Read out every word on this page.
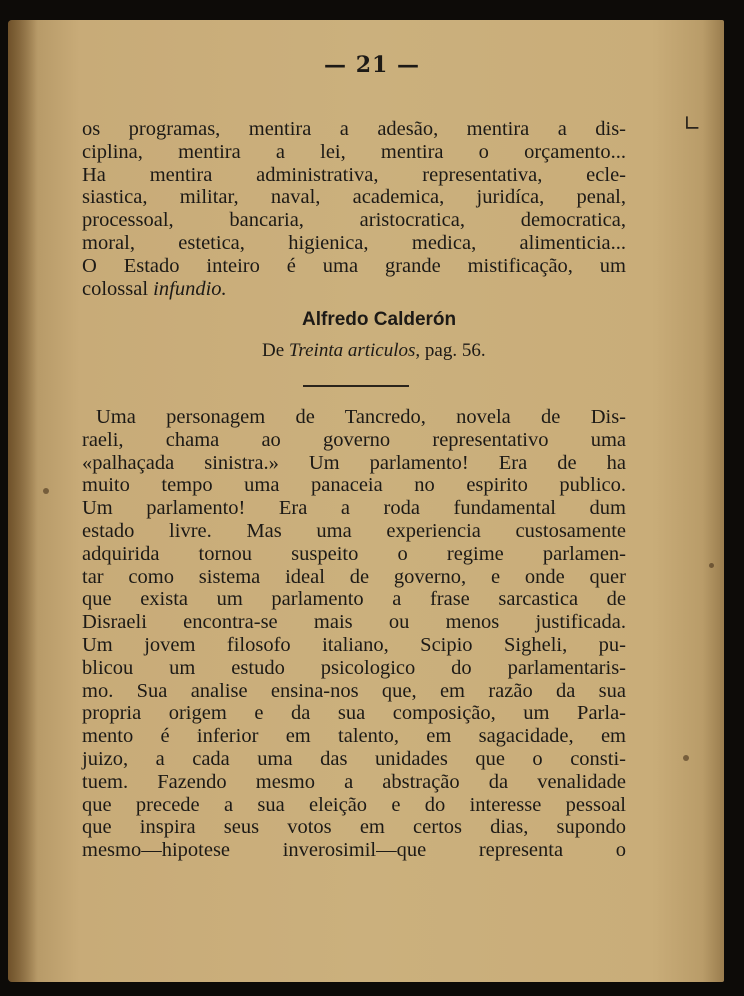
— 21 —
∟
os programas, mentira a adesão, mentira a dis-
ciplina, mentira a lei, mentira o orçamento...
Ha mentira administrativa, representativa, ecle-
siastica, militar, naval, academica, juridíca, penal,
processoal, bancaria, aristocratica, democratica,
moral, estetica, higienica, medica, alimenticia...
O Estado inteiro é uma grande mistificação, um
colossal infundio.
Alfredo Calderón
De Treinta articulos, pag. 56.
Uma personagem de Tancredo, novela de Dis-
raeli, chama ao governo representativo uma
«palhaçada sinistra.» Um parlamento! Era de ha
muito tempo uma panaceia no espirito publico.
Um parlamento! Era a roda fundamental dum
estado livre. Mas uma experiencia custosamente
adquirida tornou suspeito o regime parlamen-
tar como sistema ideal de governo, e onde quer
que exista um parlamento a frase sarcastica de
Disraeli encontra-se mais ou menos justificada.
Um jovem filosofo italiano, Scipio Sigheli, pu-
blicou um estudo psicologico do parlamentaris-
mo. Sua analise ensina-nos que, em razão da sua
propria origem e da sua composição, um Parla-
mento é inferior em talento, em sagacidade, em
juizo, a cada uma das unidades que o consti-
tuem. Fazendo mesmo a abstração da venalidade
que precede a sua eleição e do interesse pessoal
que inspira seus votos em certos dias, supondo
mesmo—hipotese inverosimil—que representa o
